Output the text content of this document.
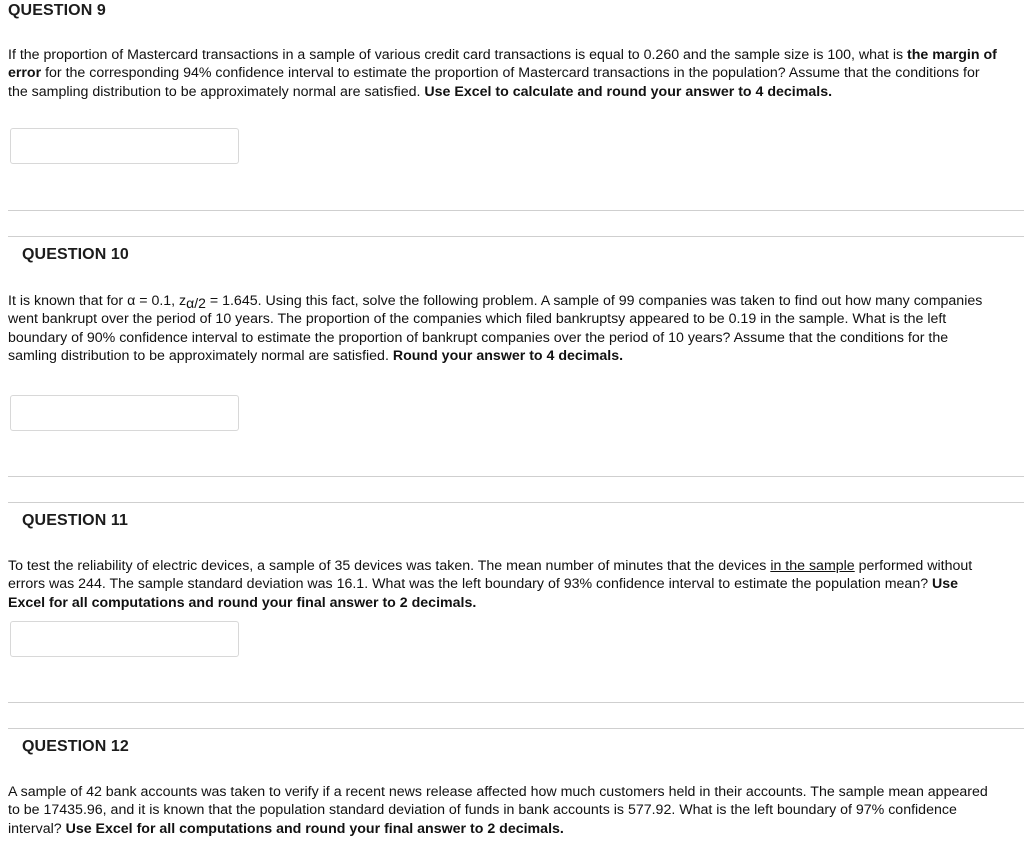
QUESTION 9
If the proportion of Mastercard transactions in a sample of various credit card transactions is equal to 0.260 and the sample size is 100, what is the margin of error for the corresponding 94% confidence interval to estimate the proportion of Mastercard transactions in the population? Assume that the conditions for the sampling distribution to be approximately normal are satisfied. Use Excel to calculate and round your answer to 4 decimals.
QUESTION 10
It is known that for α = 0.1, zα/2 = 1.645. Using this fact, solve the following problem. A sample of 99 companies was taken to find out how many companies went bankrupt over the period of 10 years. The proportion of the companies which filed bankruptsy appeared to be 0.19 in the sample. What is the left boundary of 90% confidence interval to estimate the proportion of bankrupt companies over the period of 10 years? Assume that the conditions for the samling distribution to be approximately normal are satisfied. Round your answer to 4 decimals.
QUESTION 11
To test the reliability of electric devices, a sample of 35 devices was taken. The mean number of minutes that the devices in the sample performed without errors was 244. The sample standard deviation was 16.1. What was the left boundary of 93% confidence interval to estimate the population mean? Use Excel for all computations and round your final answer to 2 decimals.
QUESTION 12
A sample of 42 bank accounts was taken to verify if a recent news release affected how much customers held in their accounts. The sample mean appeared to be 17435.96, and it is known that the population standard deviation of funds in bank accounts is 577.92. What is the left boundary of 97% confidence interval? Use Excel for all computations and round your final answer to 2 decimals.
